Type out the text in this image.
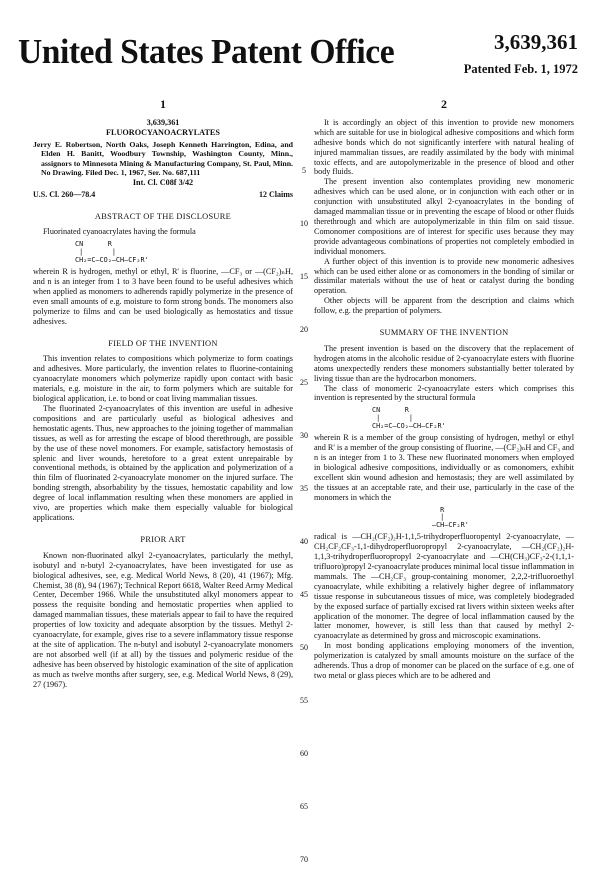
United States Patent Office	3,639,361
Patented Feb. 1, 1972
1

3,639,361

FLUOROCYANOACRYLATES

Jerry E. Robertson, North Oaks, Joseph Kenneth Harrington, Edina, and Elden H. Banitt, Woodbury Township, Washington County, Minn., assignors to Minnesota Mining & Manufacturing Company, St. Paul, Minn. No Drawing. Filed Dec. 1, 1967, Ser. No. 687,111

Int. Cl. C08f 3/42

U.S. Cl. 260—78.4	12 Claims

ABSTRACT OF THE DISCLOSURE

Fluorinated cyanoacrylates having the formula

CN      R
|       |
CH₂=C—CO₂—CH—CF₂R'

wherein R is hydrogen, methyl or ethyl, R' is fluorine, —CF₃ or —(CF₂)ₙH, and n is an integer from 1 to 3 have been found to be useful adhesives which when applied as monomers to adherends rapidly polymerize in the presence of even small amounts of e.g. moisture to form strong bonds. The monomers also polymerize to films and can be used biologically as hemostatics and tissue adhesives.

FIELD OF THE INVENTION

This invention relates to compositions which polymerize to form coatings and adhesives. More particularly, the invention relates to fluorine-containing cyanoacrylate monomers which polymerize rapidly upon contact with basic materials, e.g. moisture in the air, to form polymers which are suitable for biological application, i.e. to bond or coat living mammalian tissues.

The fluorinated 2-cyanoacrylates of this invention are useful in adhesive compositions and are particularly useful as biological adhesives and hemostatic agents. Thus, new approaches to the joining together of mammalian tissues, as well as for arresting the escape of blood therethrough, are possible by the use of these novel monomers. For example, satisfactory hemostasis of splenic and liver wounds, heretofore to a great extent unrepairable by conventional methods, is obtained by the application and polymerization of a thin film of fluorinated 2-cyanoacrylate monomer on the injured surface. The bonding strength, absorbability by the tissues, hemostatic capability and low degree of local inflammation resulting when these monomers are applied in vivo, are properties which make them especially valuable for biological applications.

PRIOR ART

Known non-fluorinated alkyl 2-cyanoacrylates, particularly the methyl, isobutyl and n-butyl 2-cyanoacrylates, have been investigated for use as biological adhesives, see, e.g. Medical World News, 8 (20), 41 (1967); Mfg. Chemist, 38 (8), 94 (1967); Technical Report 6618, Walter Reed Army Medical Center, December 1966. While the unsubstituted alkyl monomers appear to possess the requisite bonding and hemostatic properties when applied to damaged mammalian tissues, these materials appear to fail to have the required properties of low toxicity and adequate absorption by the tissues. Methyl 2-cyanoacrylate, for example, gives rise to a severe inflammatory tissue response at the site of application. The n-butyl and isobutyl 2-cyanoacrylate monomers are not absorbed well (if at all) by the tissues and polymeric residue of the adhesive has been observed by histologic examination of the site of application as much as twelve months after surgery, see, e.g. Medical World News, 8 (29), 27 (1967).

2

It is accordingly an object of this invention to provide new monomers which are suitable for use in biological adhesive compositions and which form adhesive bonds which do not significantly interfere with natural healing of injured mammalian tissues, are readily assimilated by the body with minimal toxic effects, and are autopolymerizable in the presence of blood and other body fluids.

The present invention also contemplates providing new monomeric adhesives which can be used alone, or in conjunction with each other or in conjunction with unsubstituted alkyl 2-cyanoacrylates in the bonding of damaged mammalian tissue or in preventing the escape of blood or other fluids therethrough and which are autopolymerizable in thin film on said tissue. Comonomer compositions are of interest for specific uses because they may provide advantageous combinations of properties not completely embodied in individual monomers.

A further object of this invention is to provide new monomeric adhesives which can be used either alone or as comonomers in the bonding of similar or dissimilar materials without the use of heat or catalyst during the bonding operation.

Other objects will be apparent from the description and claims which follow, e.g. the prepartion of polymers.

SUMMARY OF THE INVENTION

The present invention is based on the discovery that the replacement of hydrogen atoms in the alcoholic residue of 2-cyanoacrylate esters with fluorine atoms unexpectedly renders these monomers substantially better tolerated by living tissue than are the hydrocarbon monomers.

The class of monomeric 2-cyanoacrylate esters which comprises this invention is represented by the structural formula

CN      R
|       |
CH₂=C—CO₂—CH—CF₂R'

wherein R is a member of the group consisting of hydrogen, methyl or ethyl and R' is a member of the group consisting of fluorine, —(CF₂)ₙH and CF₃ and n is an integer from 1 to 3. These new fluorinated monomers when employed in biological adhesive compositions, individually or as comonomers, exhibit excellent skin wound adhesion and hemostasis; they are well assimilated by the tissues at an acceptable rate, and their use, particularly in the case of the monomers in which the

R
|
—CH—CF₂R'

radical is —CH₂(CF₂)₂H-1,1,5-trihydroperfluoropentyl 2-cyanoacrylate, —CH₂CF₂CF₃-1,1-dihydroperfluoropropyl 2-cyanoacrylate, —CH₂(CF₂)₂H-1,1,3-trihydroperfluoropropyl 2-cyanoacrylate and —CH(CH₃)CF₃-2-(1,1,1-trifluoro)propyl 2-cyanoacrylate produces minimal local tissue inflammation in mammals. The —CH₂CF₃ group-containing monomer, 2,2,2-trifluoroethyl cyanoacrylate, while exhibiting a relatively higher degree of inflammatory tissue response in subcutaneous tissues of mice, was completely biodegraded by the exposed surface of partially excised rat livers within sixteen weeks after application of the monomer. The degree of local inflammation caused by the latter monomer, however, is still less than that caused by methyl 2-cyanoacrylate as determined by gross and microscopic examinations.

In most bonding applications employing monomers of the invention, polymerization is catalyzed by small amounts moisture on the surface of the adherends. Thus a drop of monomer can be placed on the surface of e.g. one of two metal or glass pieces which are to be adhered and

5
10
15
20
25
30
35
40
45
50
55
60
65
70
